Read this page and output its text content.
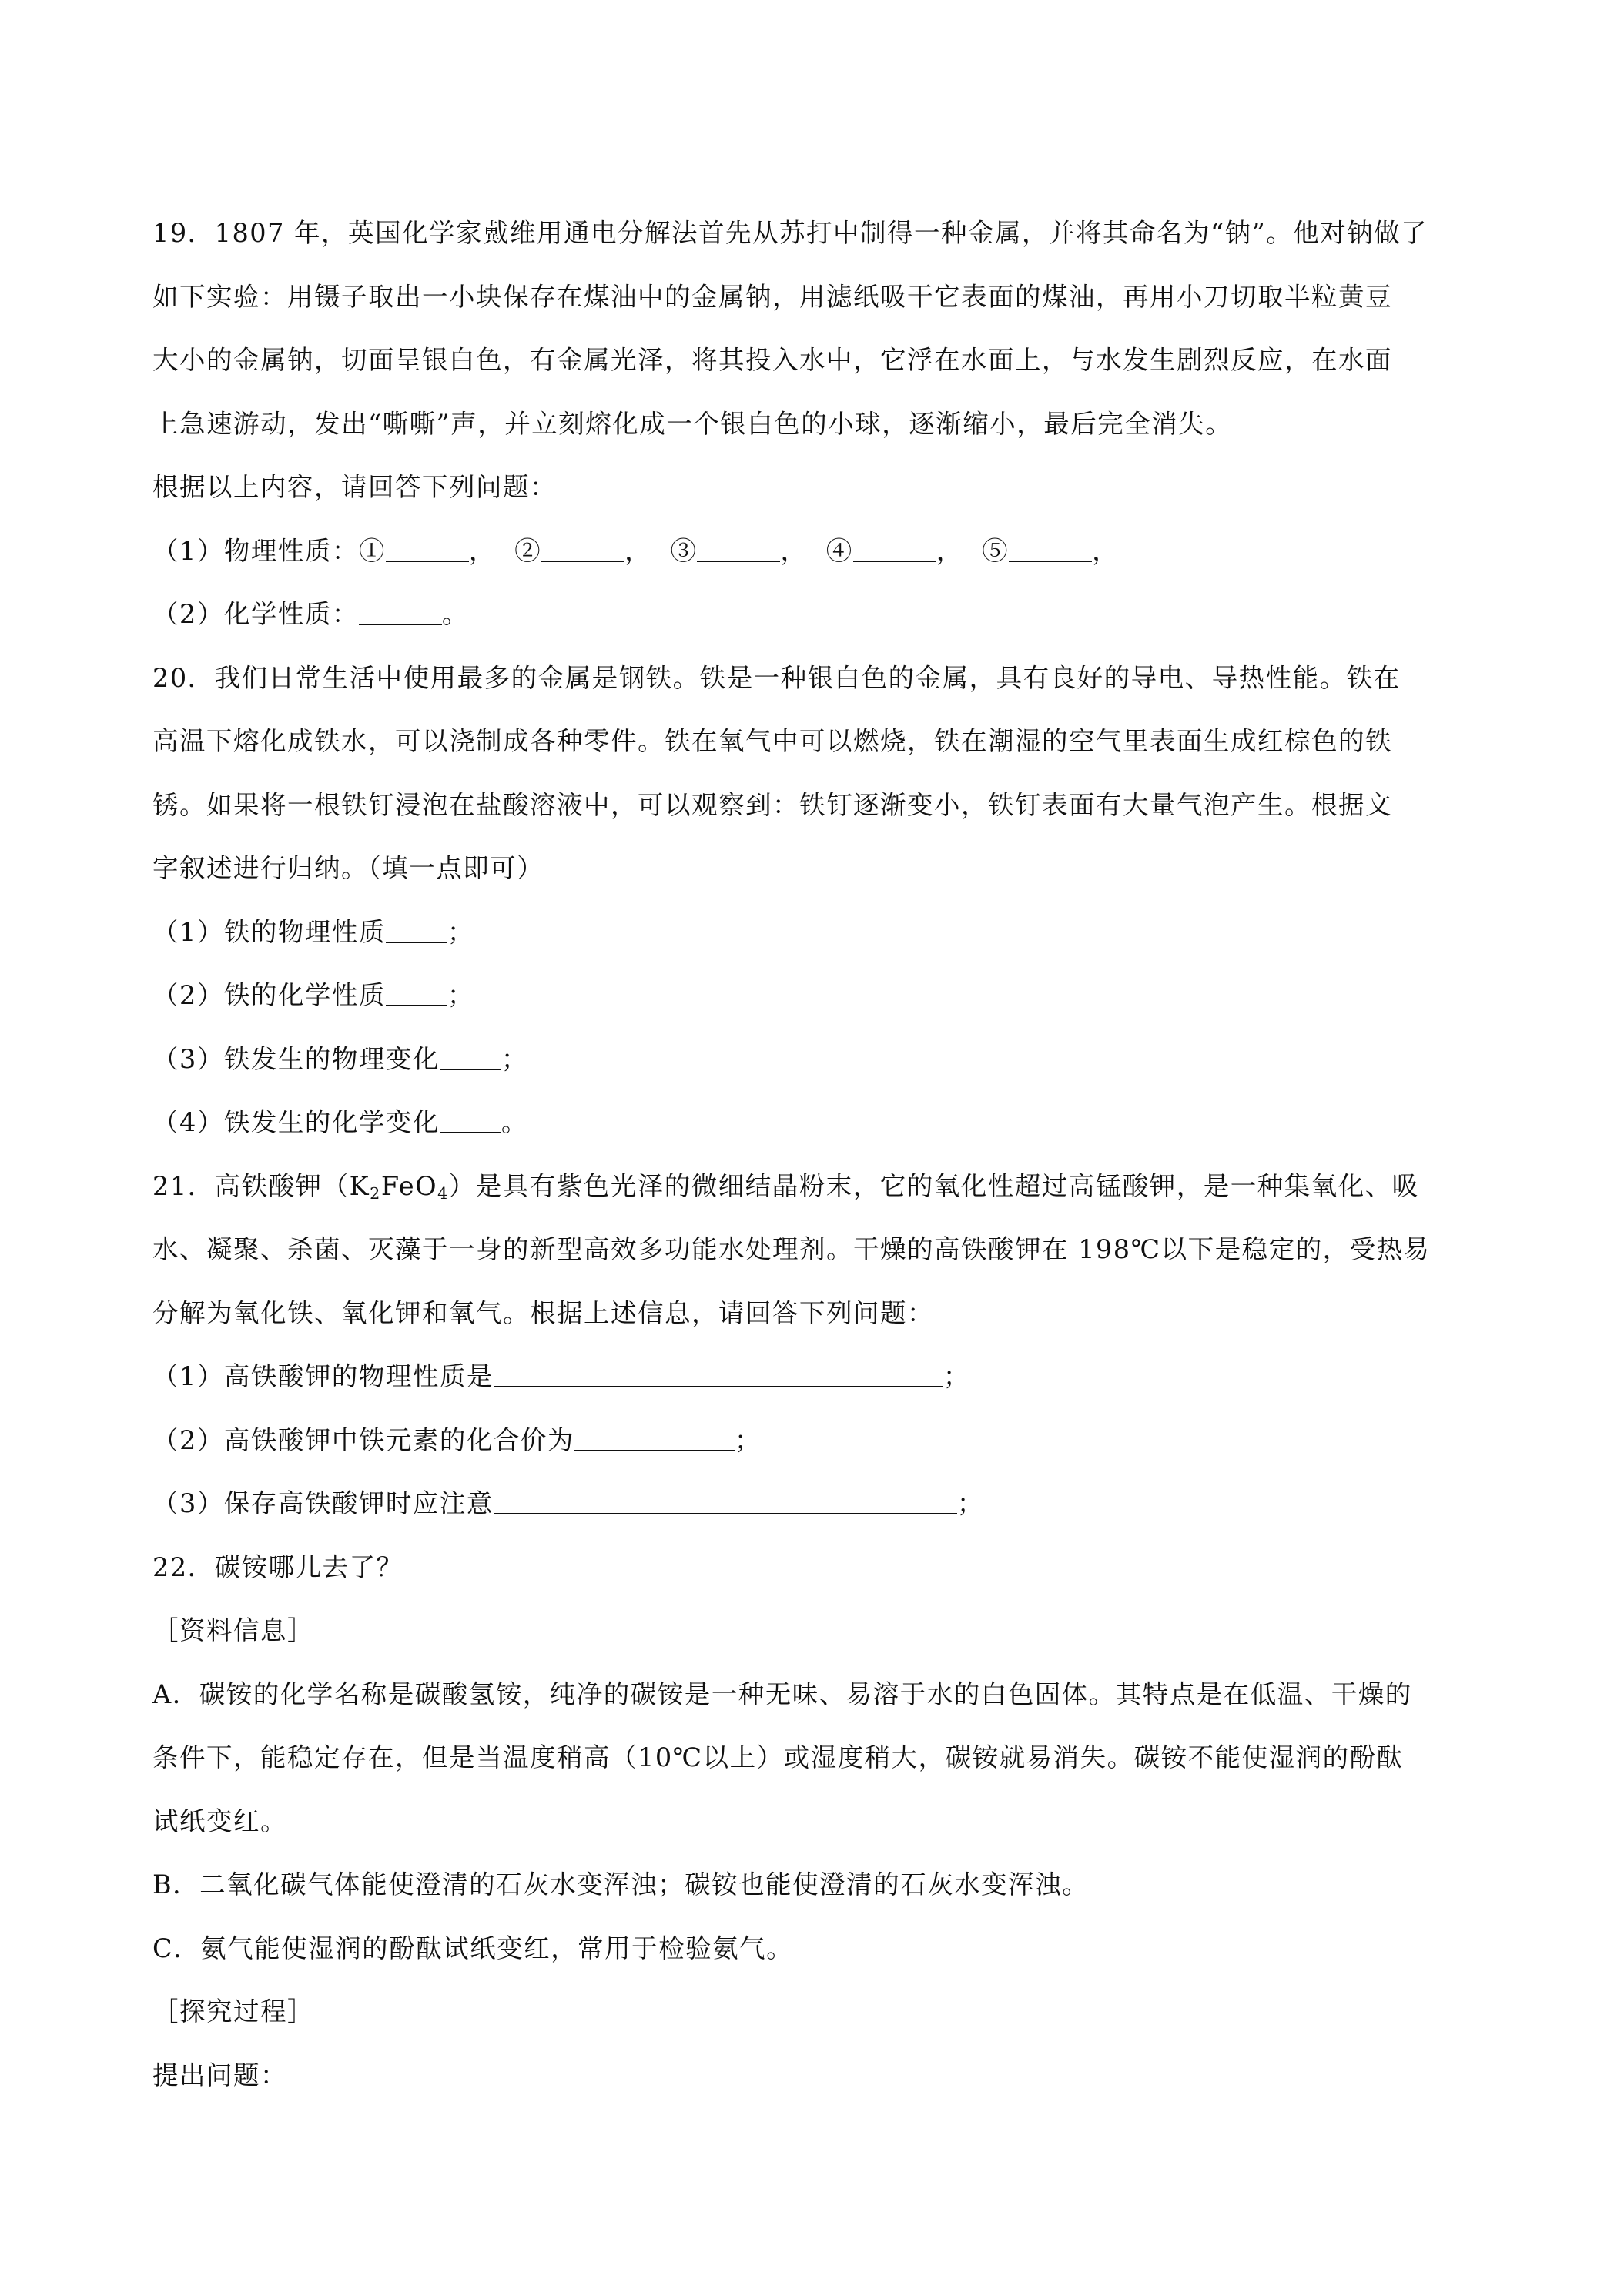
19．1807 年，英国化学家戴维用通电分解法首先从苏打中制得一种金属，并将其命名为“钠”。他对钠做了
如下实验：用镊子取出一小块保存在煤油中的金属钠，用滤纸吸干它表面的煤油，再用小刀切取半粒黄豆
大小的金属钠，切面呈银白色，有金属光泽，将其投入水中，它浮在水面上，与水发生剧烈反应，在水面
上急速游动，发出“嘶嘶”声，并立刻熔化成一个银白色的小球，逐渐缩小，最后完全消失。
根据以上内容，请回答下列问题：
（1）物理性质：①	， ②	， ③	， ④	， ⑤	，
（2）化学性质：	。
20．我们日常生活中使用最多的金属是钢铁。铁是一种银白色的金属，具有良好的导电、导热性能。铁在
高温下熔化成铁水，可以浇制成各种零件。铁在氧气中可以燃烧，铁在潮湿的空气里表面生成红棕色的铁
锈。如果将一根铁钉浸泡在盐酸溶液中，可以观察到：铁钉逐渐变小，铁钉表面有大量气泡产生。根据文
字叙述进行归纳。（填一点即可）
（1）铁的物理性质 ；
（2）铁的化学性质 ；
（3）铁发生的物理变化 ；
（4）铁发生的化学变化 。
21．高铁酸钾$(K_2FeO_4)$是具有紫色光泽的微细结晶粉末，它的氧化性超过高锰酸钾，是一种集氧化、吸
水、凝聚、杀菌、灭藻于一身的新型高效多功能水处理剂。干燥的高铁酸钾在 198℃以下是稳定的，受热易
分解为氧化铁、氧化钾和氧气。根据上述信息，请回答下列问题：
（1）高铁酸钾的物理性质是	；
（2）高铁酸钾中铁元素的化合价为	；
（3）保存高铁酸钾时应注意	；
22．碳铵哪儿去了？
［资料信息］
A．碳铵的化学名称是碳酸氢铵，纯净的碳铵是一种无味、易溶于水的白色固体。其特点是在低温、干燥的
条件下，能稳定存在，但是当温度稍高（10℃以上）或湿度稍大，碳铵就易消失。碳铵不能使湿润的酚酞
试纸变红。
B．二氧化碳气体能使澄清的石灰水变浑浊；碳铵也能使澄清的石灰水变浑浊。
C．氨气能使湿润的酚酞试纸变红，常用于检验氨气。
［探究过程］
提出问题：
